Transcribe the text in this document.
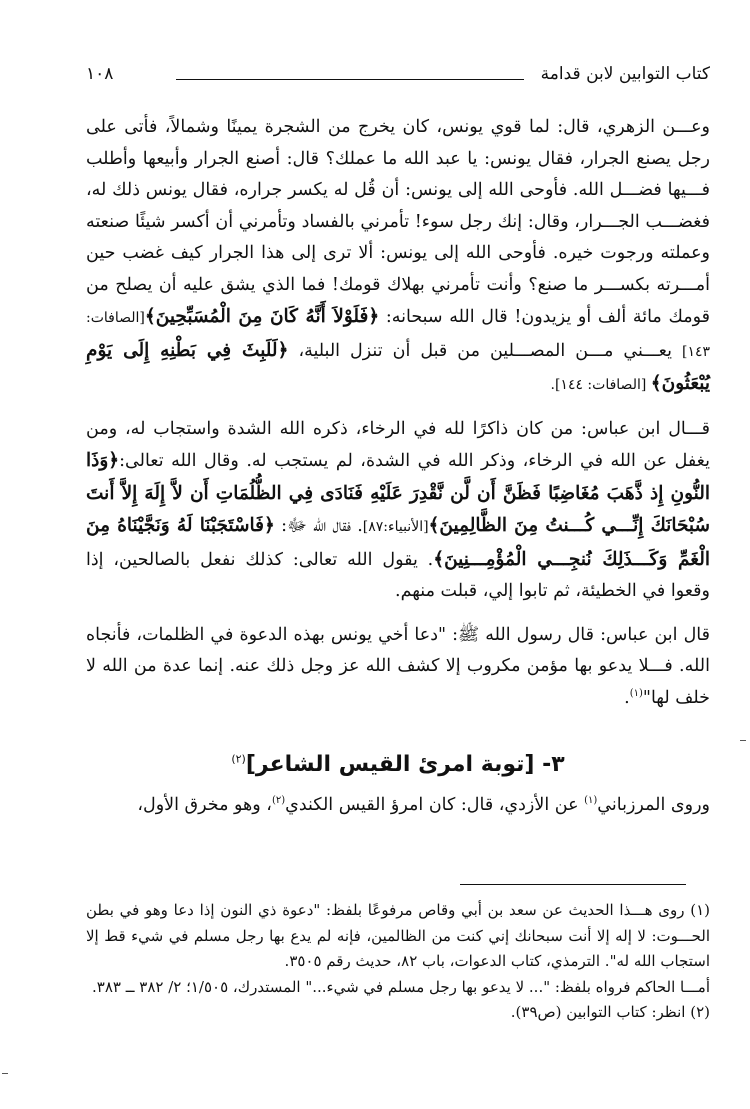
كتاب التوابين لابن قدامة
١٠٨

وعـــن الزهري، قال: لما قوي يونس، كان يخرج من الشجرة يمينًا وشمالاً، فأتى على رجل يصنع الجرار، فقال يونس: يا عبد الله ما عملك؟ قال: أصنع الجرار وأبيعها وأطلب فـــيها فضـــل الله. فأوحى الله إلى يونس: أن قُل له يكسر جراره، فقال يونس ذلك له، فغضـــب الجـــرار، وقال: إنك رجل سوء! تأمرني بالفساد وتأمرني أن أكسر شيئًا صنعته وعملته ورجوت خيره. فأوحى الله إلى يونس: ألا ترى إلى هذا الجرار كيف غضب حين أمـــرته بكســـر ما صنع؟ وأنت تأمرني بهلاك قومك! فما الذي يشق عليه أن يصلح من قومك مائة ألف أو يزيدون! قال الله سبحانه: ﴿فَلَوْلاَ أَنَّهُ كَانَ مِنَ الْمُسَبِّحِينَ﴾[الصافات: ١٤٣] يعـــني مـــن المصـــلين من قبل أن تنزل البلية، ﴿لَلَبِثَ فِي بَطْنِهِ إِلَى يَوْمِ يُبْعَثُونَ﴾ [الصافات: ١٤٤].

قـــال ابن عباس: من كان ذاكرًا لله في الرخاء، ذكره الله الشدة واستجاب له، ومن يغفل عن الله في الرخاء، وذكر الله في الشدة، لم يستجب له. وقال الله تعالى:﴿وَذَا النُّونِ إِذ ذَّهَبَ مُغَاضِبًا فَظَنَّ أَن لَّن نَّقْدِرَ عَلَيْهِ فَنَادَى فِي الظُّلُمَاتِ أَن لاَّ إِلَهَ إِلاَّ أَنتَ سُبْحَانَكَ إِنِّـــي كُـــنتُ مِنَ الظَّالِمِينَ﴾[الأنبياء:٨٧]. فقال الله ﷻ: ﴿فَاسْتَجَبْنَا لَهُ وَنَجَّيْنَاهُ مِنَ الْغَمِّ وَكَـــذَلِكَ نُنجِـــي الْمُؤْمِـــنِينَ﴾. يقول الله تعالى: كذلك نفعل بالصالحين، إذا وقعوا في الخطيئة، ثم تابوا إلي، قبلت منهم.

قال ابن عباس: قال رسول الله ﷺ: "دعا أخي يونس بهذه الدعوة في الظلمات، فأنجاه الله. فـــلا يدعو بها مؤمن مكروب إلا كشف الله عز وجل ذلك عنه. إنما عدة من الله لا خلف لها"$^{(١)}$.

٣- [توبة امرئ القيس الشاعر]$^{(٢)}$

وروى المرزباني$^{(١)}$ عن الأزدي، قال: كان امرؤ القيس الكندي$^{(٢)}$، وهو مخرق الأول،

(١) روى هـــذا الحديث عن سعد بن أبي وقاص مرفوعًا بلفظ: "دعوة ذي النون إذا دعا وهو في بطن الحـــوت: لا إله إلا أنت سبحانك إني كنت من الظالمين، فإنه لم يدع بها رجل مسلم في شيء قط إلا استجاب الله له". الترمذي، كتاب الدعوات، باب ٨٢، حديث رقم ٣٥٠٥.

أمـــا الحاكم فرواه بلفظ: "... لا يدعو بها رجل مسلم في شيء..." المستدرك، ١/٥٠٥؛ ٢/ ٣٨٢ ــ ٣٨٣.

(٢) انظر: كتاب التوابين (ص٣٩).
